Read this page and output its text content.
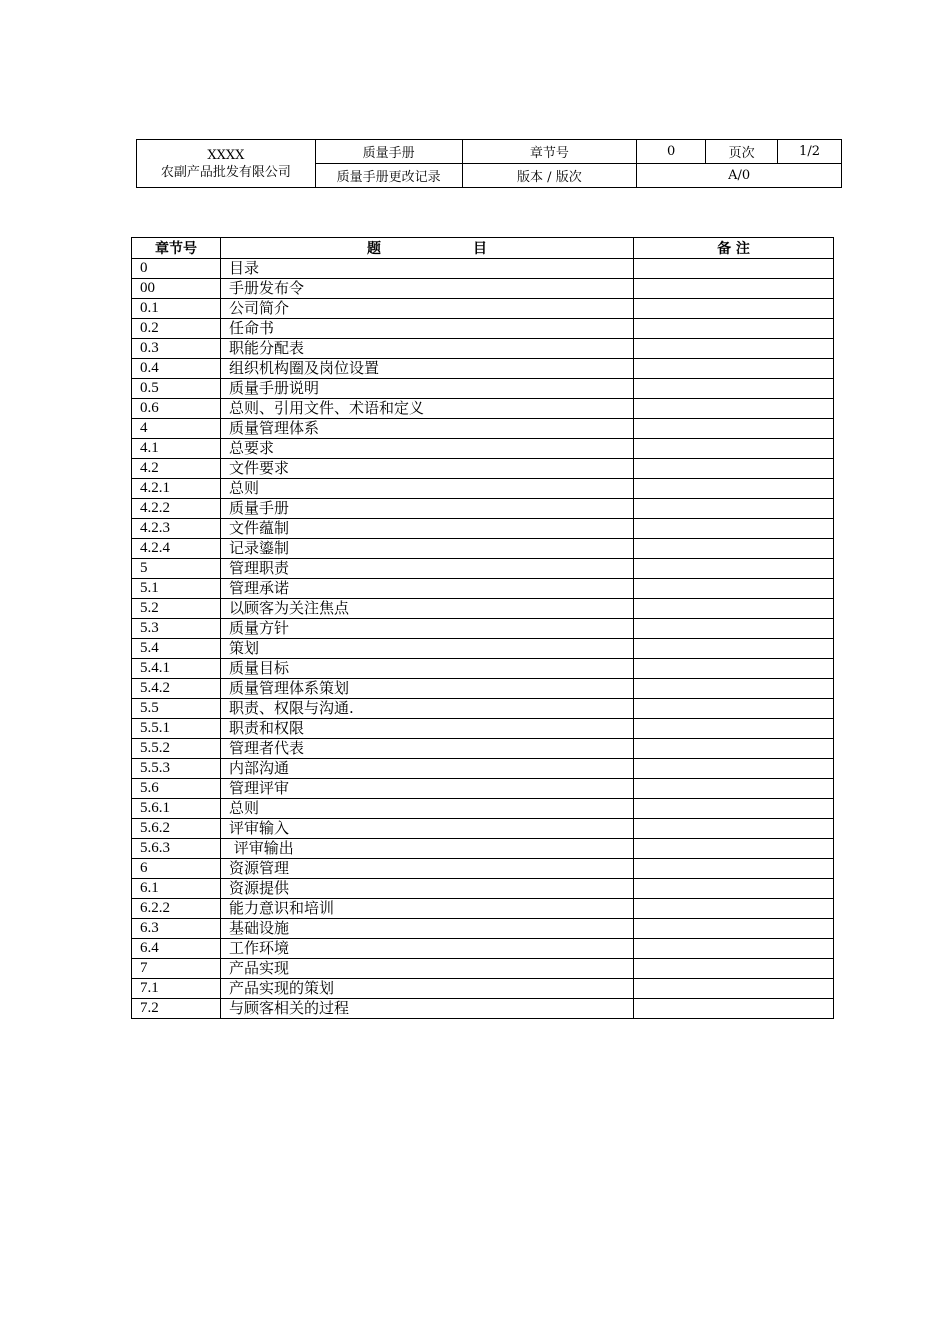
XXXX
农副产品批发有限公司	质量手册	章节号	0	页次	1/2
	质量手册更改记录	版本 / 版次	A/0		
章节号	题 目	备 注
0	目录	
00	手册发布令	
0.1	公司简介	
0.2	任命书	
0.3	职能分配表	
0.4	组织机构圈及岗位设置	
0.5	质量手册说明	
0.6	总则、引用文件、术语和定义	
4	质量管理体系	
4.1	总要求	
4.2	文件要求	
4.2.1	总则	
4.2.2	质量手册	
4.2.3	文件蕴制	
4.2.4	记录鎏制	
5	管理职责	
5.1	管理承诺	
5.2	以顾客为关注焦点	
5.3	质量方针	
5.4	策划	
5.4.1	质量目标	
5.4.2	质量管理体系策划	
5.5	职责、权限与沟通.	
5.5.1	职责和权限	
5.5.2	管理者代表	
5.5.3	内部沟通	
5.6	管理评审	
5.6.1	总则	
5.6.2	评审输入	
5.6.3	评审输出	
6	资源管理	
6.1	资源提供	
6.2.2	能力意识和培训	
6.3	基础设施	
6.4	工作环境	
7	产品实现	
7.1	产品实现的策划	
7.2	与顾客相关的过程	
